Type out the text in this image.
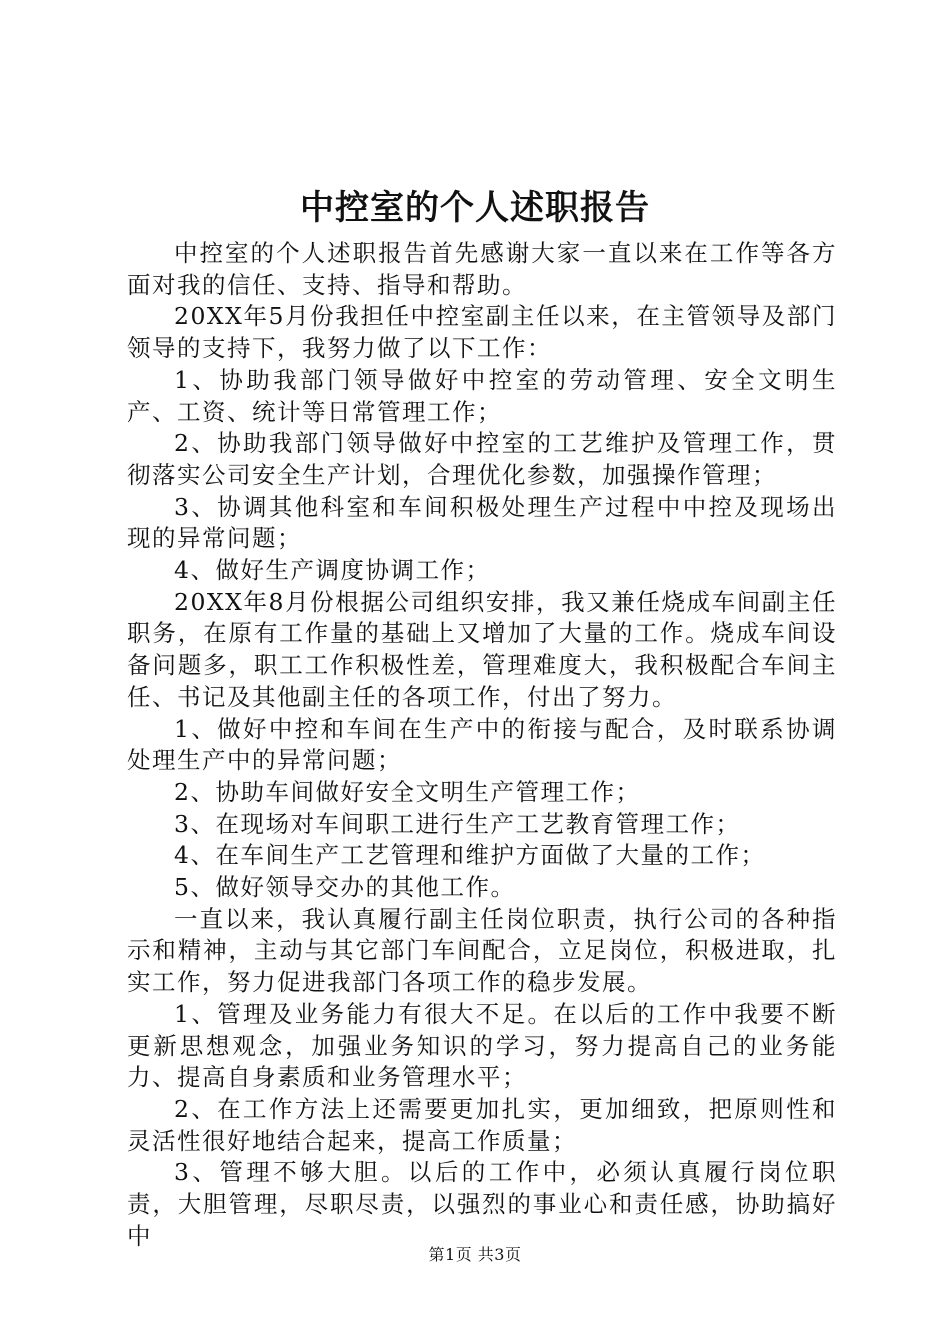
中控室的个人述职报告

中控室的个人述职报告首先感谢大家一直以来在工作等各方面对我的信任、支持、指导和帮助。

20XX年5月份我担任中控室副主任以来，在主管领导及部门领导的支持下，我努力做了以下工作：

1、协助我部门领导做好中控室的劳动管理、安全文明生产、工资、统计等日常管理工作；

2、协助我部门领导做好中控室的工艺维护及管理工作，贯彻落实公司安全生产计划，合理优化参数，加强操作管理；

3、协调其他科室和车间积极处理生产过程中中控及现场出现的异常问题；

4、做好生产调度协调工作；

20XX年8月份根据公司组织安排，我又兼任烧成车间副主任职务，在原有工作量的基础上又增加了大量的工作。烧成车间设备问题多，职工工作积极性差，管理难度大，我积极配合车间主任、书记及其他副主任的各项工作，付出了努力。

1、做好中控和车间在生产中的衔接与配合，及时联系协调处理生产中的异常问题；

2、协助车间做好安全文明生产管理工作；

3、在现场对车间职工进行生产工艺教育管理工作；

4、在车间生产工艺管理和维护方面做了大量的工作；

5、做好领导交办的其他工作。

一直以来，我认真履行副主任岗位职责，执行公司的各种指示和精神，主动与其它部门车间配合，立足岗位，积极进取，扎实工作，努力促进我部门各项工作的稳步发展。

1、管理及业务能力有很大不足。在以后的工作中我要不断更新思想观念，加强业务知识的学习，努力提高自己的业务能力、提高自身素质和业务管理水平；

2、在工作方法上还需要更加扎实，更加细致，把原则性和灵活性很好地结合起来，提高工作质量；

3、管理不够大胆。以后的工作中，必须认真履行岗位职责，大胆管理，尽职尽责，以强烈的事业心和责任感，协助搞好中

第1页 共3页
